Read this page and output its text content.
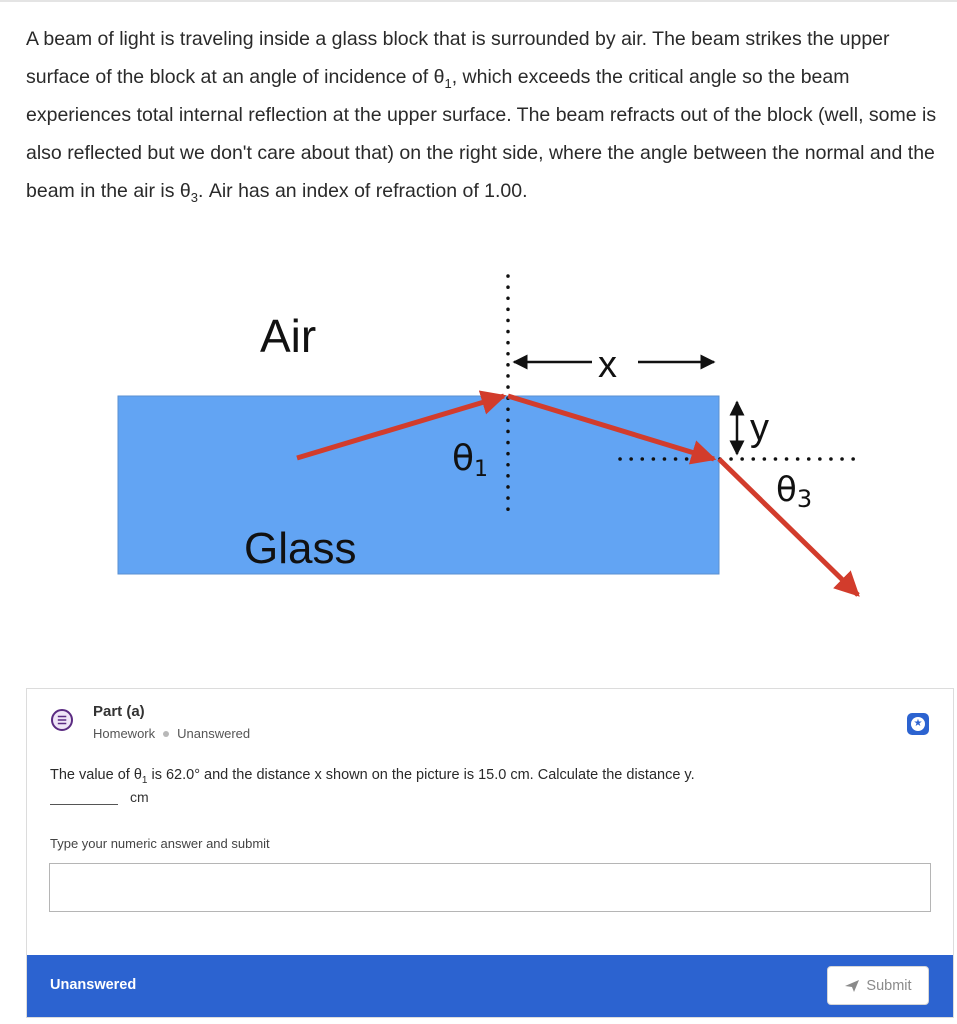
A beam of light is traveling inside a glass block that is surrounded by air. The beam strikes the upper surface of the block at an angle of incidence of $\theta_1$, which exceeds the critical angle so the beam experiences total internal reflection at the upper surface. The beam refracts out of the block (well, some is also reflected but we don't care about that) on the right side, where the angle between the normal and the beam in the air is $\theta_3$. Air has an index of refraction of 1.00.

Air
Glass
x
y
θ1
θ3
☰
Part (a)
Homework Unanswered
★
The value of $\theta_1$ is 62.0° and the distance x shown on the picture is 15.0 cm. Calculate the distance y.
cm
Type your numeric answer and submit
Unanswered	Submit
